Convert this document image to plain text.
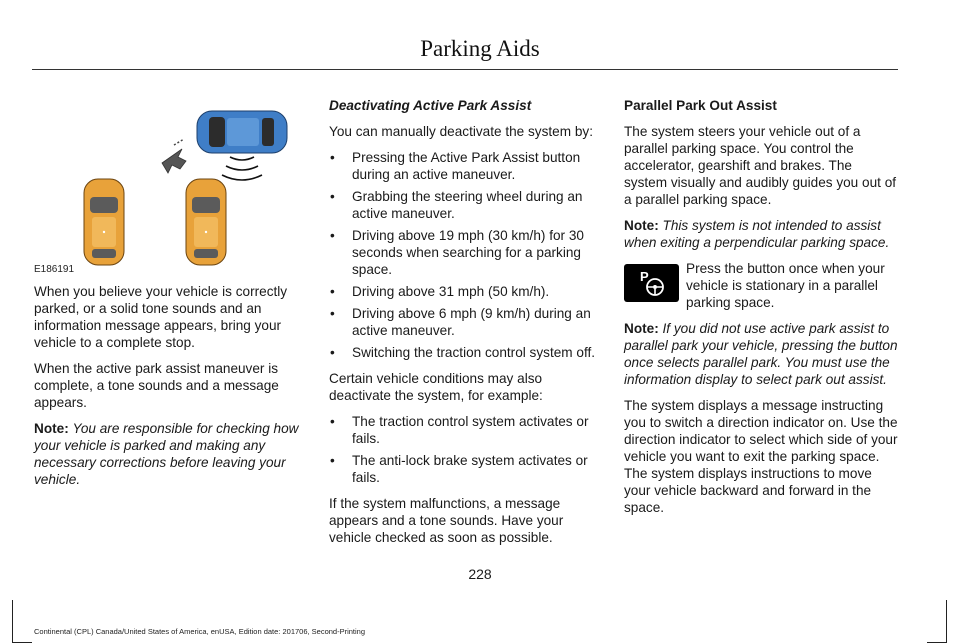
Parking Aids
E186191

When you believe your vehicle is correctly parked, or a solid tone sounds and an information message appears, bring your vehicle to a complete stop.

When the active park assist maneuver is complete, a tone sounds and a message appears.

Note: You are responsible for checking how your vehicle is parked and making any necessary corrections before leaving your vehicle.

Deactivating Active Park Assist

You can manually deactivate the system by:

• Pressing the Active Park Assist button during an active maneuver.
• Grabbing the steering wheel during an active maneuver.
• Driving above 19 mph (30 km/h) for 30 seconds when searching for a parking space.
• Driving above 31 mph (50 km/h).
• Driving above 6 mph (9 km/h) during an active maneuver.
• Switching the traction control system off.

Certain vehicle conditions may also deactivate the system, for example:

• The traction control system activates or fails.
• The anti-lock brake system activates or fails.

If the system malfunctions, a message appears and a tone sounds. Have your vehicle checked as soon as possible.

Parallel Park Out Assist

The system steers your vehicle out of a parallel parking space. You control the accelerator, gearshift and brakes. The system visually and audibly guides you out of a parallel parking space.

Note: This system is not intended to assist when exiting a perpendicular parking space.

P
Press the button once when your vehicle is stationary in a parallel parking space.

Note: If you did not use active park assist to parallel park your vehicle, pressing the button once selects parallel park. You must use the information display to select park out assist.

The system displays a message instructing you to switch a direction indicator on. Use the direction indicator to select which side of your vehicle you want to exit the parking space. The system displays instructions to move your vehicle backward and forward in the space.

228
Continental (CPL) Canada/United States of America, enUSA, Edition date: 201706, Second-Printing
